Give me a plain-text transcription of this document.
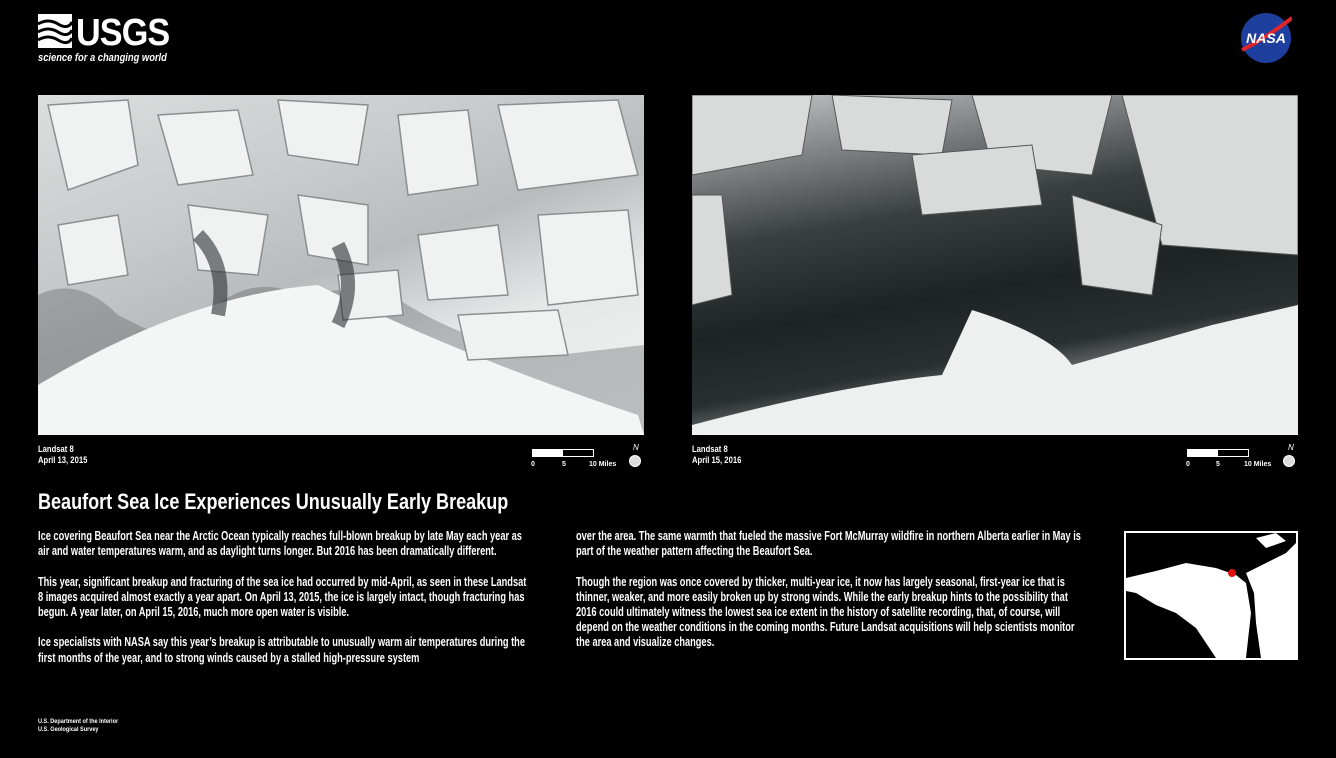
USGS
science for a changing world
NASA
Landsat 8
April 13, 2015	0	5	10 Miles
N	Landsat 8
April 15, 2016	0	5	10 Miles
N
Beaufort Sea Ice Experiences Unusually Early Breakup

Ice covering Beaufort Sea near the Arctic Ocean typically reaches full-blown breakup by late May each year as air and water temperatures warm, and as daylight turns longer. But 2016 has been dramatically different.

This year, significant breakup and fracturing of the sea ice had occurred by mid-April, as seen in these Landsat 8 images acquired almost exactly a year apart. On April 13, 2015, the ice is largely intact, though fracturing has begun. A year later, on April 15, 2016, much more open water is visible.

Ice specialists with NASA say this year’s breakup is attributable to unusually warm air temperatures during the first months of the year, and to strong winds caused by a stalled high-pressure system

over the area. The same warmth that fueled the massive Fort McMurray wildfire in northern Alberta earlier in May is part of the weather pattern affecting the Beaufort Sea.

Though the region was once covered by thicker, multi-year ice, it now has largely seasonal, first-year ice that is thinner, weaker, and more easily broken up by strong winds. While the early breakup hints to the possibility that 2016 could ultimately witness the lowest sea ice extent in the history of satellite recording, that, of course, will depend on the weather conditions in the coming months. Future Landsat acquisitions will help scientists monitor the area and visualize changes.

U.S. Department of the Interior
U.S. Geological Survey
